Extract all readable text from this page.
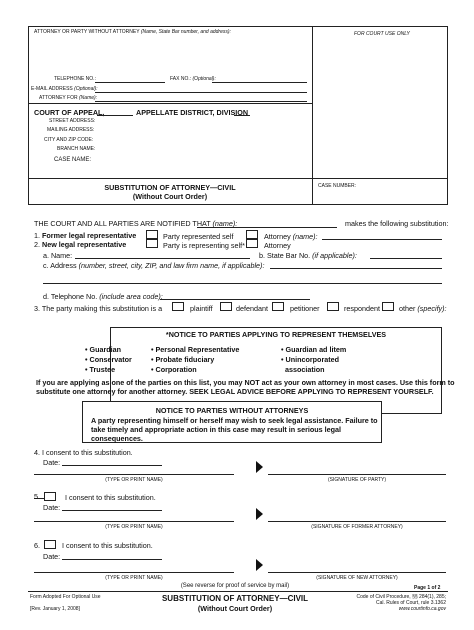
ATTORNEY OR PARTY WITHOUT ATTORNEY (Name, State Bar number, and address):	FOR COURT USE ONLY
TELEPHONE NO.:	FAX NO.: (Optional):
E-MAIL ADDRESS (Optional):
ATTORNEY FOR (Name):
COURT OF APPEAL,	APPELLATE DISTRICT, DIVISION
STREET ADDRESS:
MAILING ADDRESS:
CITY AND ZIP CODE:
BRANCH NAME:
CASE NAME:
SUBSTITUTION OF ATTORNEY—CIVIL
(Without Court Order)
CASE NUMBER:
THE COURT AND ALL PARTIES ARE NOTIFIED THAT (name):	makes the following substitution:
1. Former legal representative	Party represented self	Attorney (name):
2. New legal representative	Party is representing self*	Attorney
a. Name:	b. State Bar No. (if applicable):
c. Address (number, street, city, ZIP, and law firm name, if applicable):
d. Telephone No. (include area code):
3. The party making this substitution is a	plaintiff	defendant	petitioner	respondent	other (specify):
*NOTICE TO PARTIES APPLYING TO REPRESENT THEMSELVES
• Guardian
• Conservator
• Trustee
• Personal Representative
• Probate fiduciary
• Corporation
• Guardian ad litem
• Unincorporated
association
If you are applying as one of the parties on this list, you may NOT act as your own attorney in most cases. Use this form to substitute one attorney for another attorney. SEEK LEGAL ADVICE BEFORE APPLYING TO REPRESENT YOURSELF.
NOTICE TO PARTIES WITHOUT ATTORNEYS
A party representing himself or herself may wish to seek legal assistance. Failure to take timely and appropriate action in this case may result in serious legal consequences.
4. I consent to this substitution.
Date:
(TYPE OR PRINT NAME)	(SIGNATURE OF PARTY)
5.	I consent to this substitution.
Date:
(TYPE OR PRINT NAME)	(SIGNATURE OF FORMER ATTORNEY)
6.	I consent to this substitution.
Date:
(TYPE OR PRINT NAME)	(SIGNATURE OF NEW ATTORNEY)
(See reverse for proof of service by mail)	Page 1 of 2
Form Adopted For Optional Use
[Rev. January 1, 2008]
SUBSTITUTION OF ATTORNEY—CIVIL
(Without Court Order)
Code of Civil Procedure, §§ 284(1), 285;
Cal. Rules of Court, rule 3.1362
www.courtinfo.ca.gov
